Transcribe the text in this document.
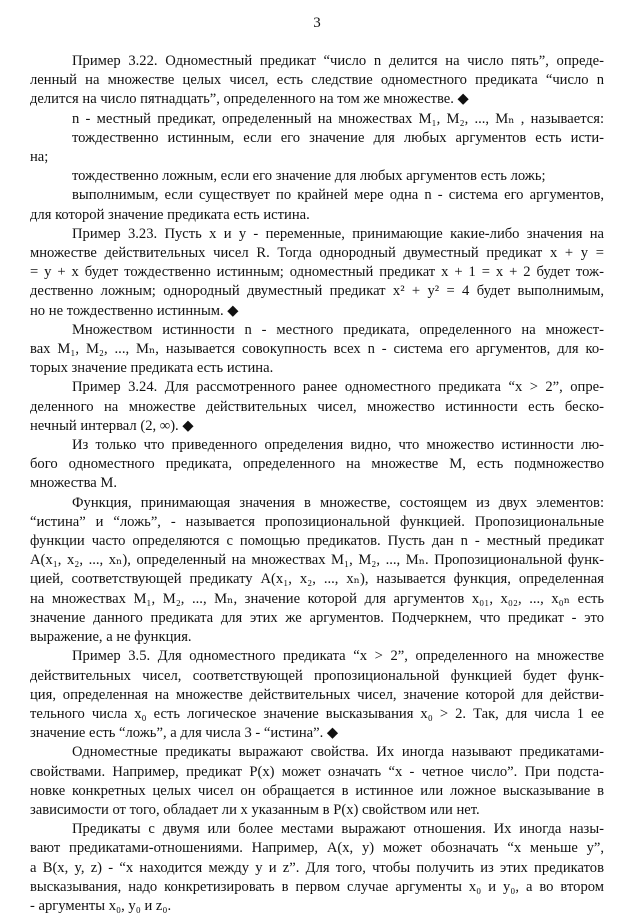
3
Пример 3.22. Одноместный предикат “число n делится на число пять”, опреде-
ленный на множестве целых чисел, есть следствие одноместного предиката “число n
делится на число пятнадцать”, определенного на том же множестве. ◆
n - местный предикат, определенный на множествах M₁, M₂, ..., Mₙ , называется:
тождественно истинным, если его значение для любых аргументов есть исти-
на;
тождественно ложным, если его значение для любых аргументов есть ложь;
выполнимым, если существует по крайней мере одна n - система его аргументов,
для которой значение предиката есть истина.
Пример 3.23. Пусть x и y - переменные, принимающие какие-либо значения на
множестве действительных чисел R. Тогда однородный двуместный предикат x + y =
= y + x будет тождественно истинным; одноместный предикат x + 1 = x + 2 будет тож-
дественно ложным; однородный двуместный предикат x² + y² = 4 будет выполнимым,
но не тождественно истинным. ◆
Множеством истинности n - местного предиката, определенного на множест-
вах M₁, M₂, ..., Mₙ, называется совокупность всех n - система его аргументов, для ко-
торых значение предиката есть истина.
Пример 3.24. Для рассмотренного ранее одноместного предиката “x > 2”, опре-
деленного на множестве действительных чисел, множество истинности есть беско-
нечный интервал (2, ∞). ◆
Из только что приведенного определения видно, что множество истинности лю-
бого одноместного предиката, определенного на множестве M, есть подмножество
множества M.
Функция, принимающая значения в множестве, состоящем из двух элементов:
“истина” и “ложь”, - называется пропозициональной функцией. Пропозициональные
функции часто определяются с помощью предикатов. Пусть дан n - местный предикат
A(x₁, x₂, ..., xₙ), определенный на множествах M₁, M₂, ..., Mₙ. Пропозициональной функ-
цией, соответствующей предикату A(x₁, x₂, ..., xₙ), называется функция, определенная
на множествах M₁, M₂, ..., Mₙ, значение которой для аргументов x₀₁, x₀₂, ..., x₀ₙ есть
значение данного предиката для этих же аргументов. Подчеркнем, что предикат - это
выражение, а не функция.
Пример 3.5. Для одноместного предиката “x > 2”, определенного на множестве
действительных чисел, соответствующей пропозициональной функцией будет функ-
ция, определенная на множестве действительных чисел, значение которой для действи-
тельного числа x₀ есть логическое значение высказывания x₀ > 2. Так, для числа 1 ее
значение есть “ложь”, а для числа 3 - “истина”. ◆
Одноместные предикаты выражают свойства. Их иногда называют предикатами-
свойствами. Например, предикат P(x) может означать “x - четное число”. При подста-
новке конкретных целых чисел он обращается в истинное или ложное высказывание в
зависимости от того, обладает ли x указанным в P(x) свойством или нет.
Предикаты с двумя или более местами выражают отношения. Их иногда назы-
вают предикатами-отношениями. Например, A(x, y) может обозначать “x меньше y”,
а B(x, y, z) - “x находится между y и z”. Для того, чтобы получить из этих предикатов
высказывания, надо конкретизировать в первом случае аргументы x₀ и y₀, а во втором
- аргументы x₀, y₀ и z₀.
